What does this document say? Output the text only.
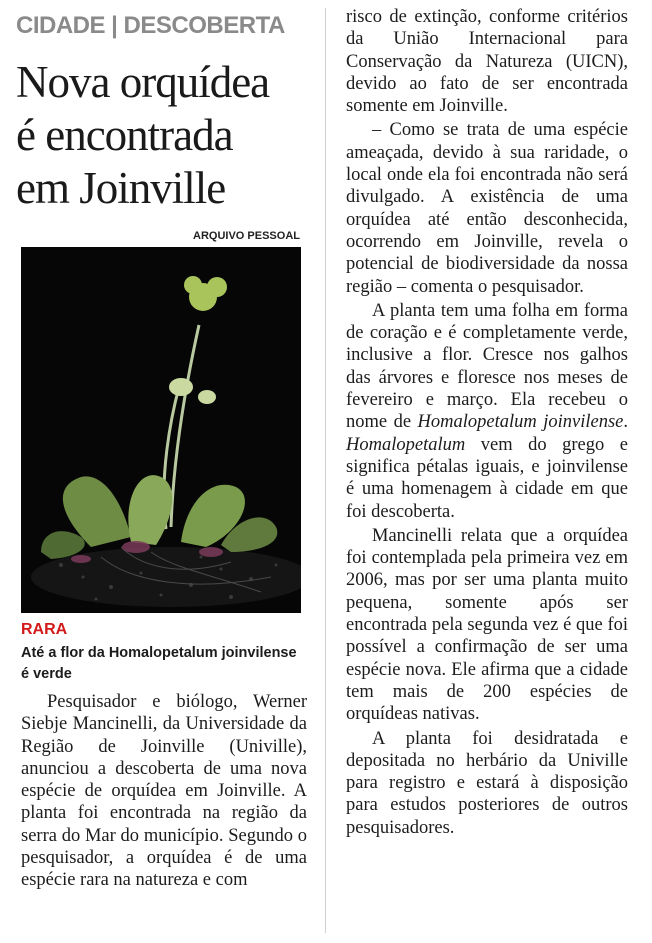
CIDADE | DESCOBERTA
Nova orquídea
é encontrada
em Joinville
ARQUIVO PESSOAL
RARA
Até a flor da Homalopetalum joinvilense é verde

Pesquisador e biólogo, Werner Siebje Mancinelli, da Universidade da Região de Joinville (Univille), anunciou a descoberta de uma nova espécie de orquídea em Joinville. A planta foi encontrada na região da serra do Mar do município. Segundo o pesquisador, a orquídea é de uma espécie rara na natureza e com

risco de extinção, conforme critérios da União Internacional para Conservação da Natureza (UICN), devido ao fato de ser encontrada somente em Joinville.

– Como se trata de uma espécie ameaçada, devido à sua raridade, o local onde ela foi encontrada não será divulgado. A existência de uma orquídea até então desconhecida, ocorrendo em Joinville, revela o potencial de biodiversidade da nossa região – comenta o pesquisador.

A planta tem uma folha em forma de coração e é completamente verde, inclusive a flor. Cresce nos galhos das árvores e floresce nos meses de fevereiro e março. Ela recebeu o nome de Homalopetalum joinvilense. Homalopetalum vem do grego e significa pétalas iguais, e joinvilense é uma homenagem à cidade em que foi descoberta.

Mancinelli relata que a orquídea foi contemplada pela primeira vez em 2006, mas por ser uma planta muito pequena, somente após ser encontrada pela segunda vez é que foi possível a confirmação de ser uma espécie nova. Ele afirma que a cidade tem mais de 200 espécies de orquídeas nativas.

A planta foi desidratada e depositada no herbário da Univille para registro e estará à disposição para estudos posteriores de outros pesquisadores.
